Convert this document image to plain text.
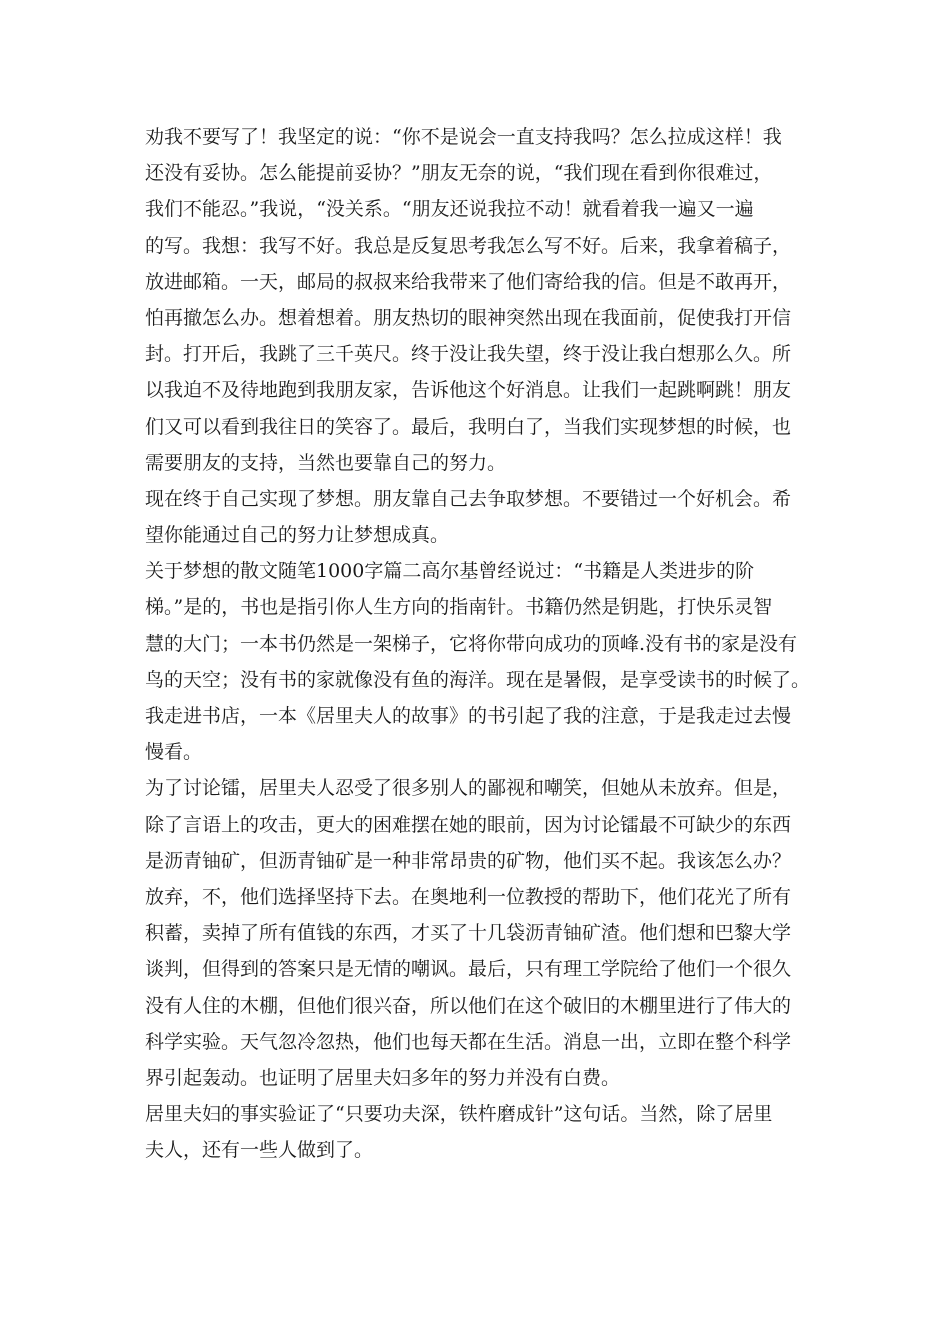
劝我不要写了！我坚定的说：“你不是说会一直支持我吗？怎么拉成这样！我
还没有妥协。怎么能提前妥协？”朋友无奈的说，“我们现在看到你很难过，
我们不能忍。”我说，“没关系。“朋友还说我拉不动！就看着我一遍又一遍
的写。我想：我写不好。我总是反复思考我怎么写不好。后来，我拿着稿子，
放进邮箱。一天，邮局的叔叔来给我带来了他们寄给我的信。但是不敢再开，
怕再撤怎么办。想着想着。朋友热切的眼神突然出现在我面前，促使我打开信
封。打开后，我跳了三千英尺。终于没让我失望，终于没让我白想那么久。所
以我迫不及待地跑到我朋友家，告诉他这个好消息。让我们一起跳啊跳！朋友
们又可以看到我往日的笑容了。最后，我明白了，当我们实现梦想的时候，也
需要朋友的支持，当然也要靠自己的努力。
现在终于自己实现了梦想。朋友靠自己去争取梦想。不要错过一个好机会。希
望你能通过自己的努力让梦想成真。
关于梦想的散文随笔1000字篇二高尔基曾经说过：“书籍是人类进步的阶
梯。”是的，书也是指引你人生方向的指南针。书籍仍然是钥匙，打快乐灵智
慧的大门；一本书仍然是一架梯子，它将你带向成功的顶峰.没有书的家是没有
鸟的天空；没有书的家就像没有鱼的海洋。现在是暑假，是享受读书的时候了。
我走进书店，一本《居里夫人的故事》的书引起了我的注意，于是我走过去慢
慢看。
为了讨论镭，居里夫人忍受了很多别人的鄙视和嘲笑，但她从未放弃。但是，
除了言语上的攻击，更大的困难摆在她的眼前，因为讨论镭最不可缺少的东西
是沥青铀矿，但沥青铀矿是一种非常昂贵的矿物，他们买不起。我该怎么办？
放弃，不，他们选择坚持下去。在奥地利一位教授的帮助下，他们花光了所有
积蓄，卖掉了所有值钱的东西，才买了十几袋沥青铀矿渣。他们想和巴黎大学
谈判，但得到的答案只是无情的嘲讽。最后，只有理工学院给了他们一个很久
没有人住的木棚，但他们很兴奋，所以他们在这个破旧的木棚里进行了伟大的
科学实验。天气忽冷忽热，他们也每天都在生活。消息一出，立即在整个科学
界引起轰动。也证明了居里夫妇多年的努力并没有白费。
居里夫妇的事实验证了“只要功夫深，铁杵磨成针”这句话。当然，除了居里
夫人，还有一些人做到了。
